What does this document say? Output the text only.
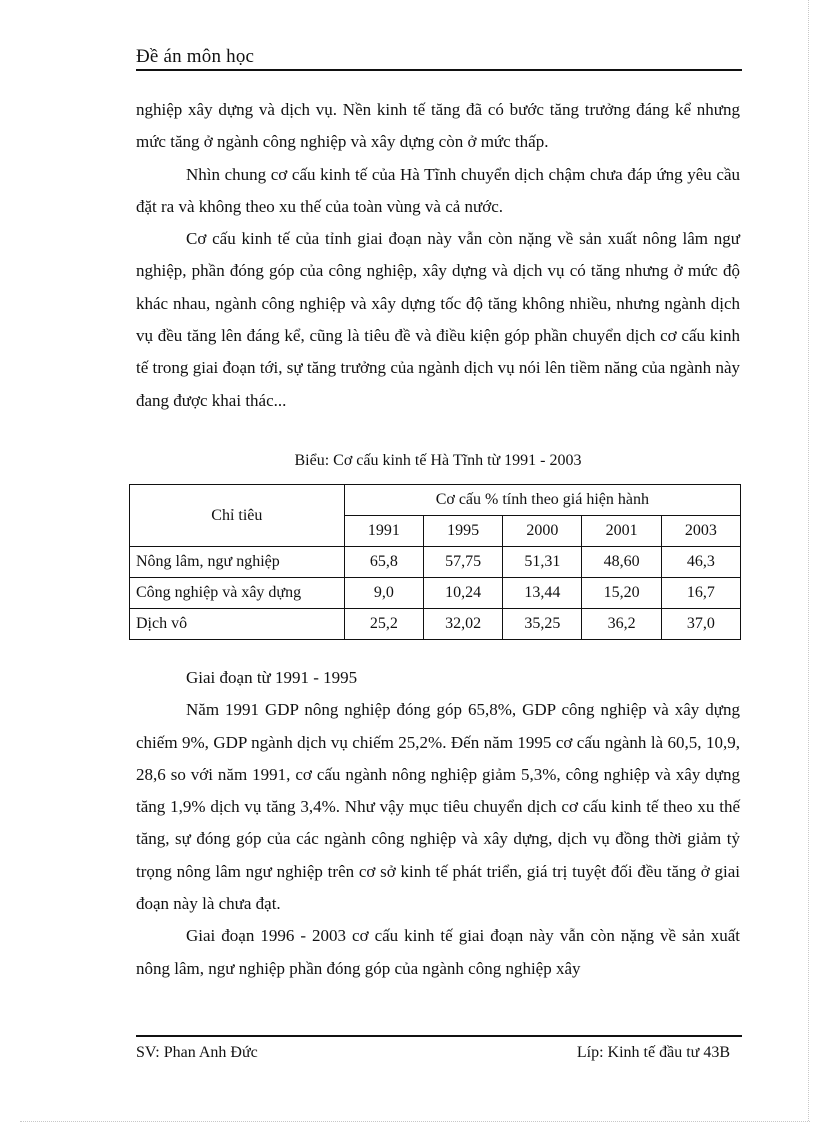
Đề án môn học

nghiệp xây dựng và dịch vụ. Nền kinh tế tăng đã có bước tăng trưởng đáng kể nhưng mức tăng ở ngành công nghiệp và xây dựng còn ở mức thấp.

Nhìn chung cơ cấu kinh tế của Hà Tĩnh chuyển dịch chậm chưa đáp ứng yêu cầu đặt ra và không theo xu thế của toàn vùng và cả nước.

Cơ cấu kinh tế của tỉnh giai đoạn này vẫn còn nặng về sản xuất nông lâm ngư nghiệp, phần đóng góp của công nghiệp, xây dựng và dịch vụ có tăng nhưng ở mức độ khác nhau, ngành công nghiệp và xây dựng tốc độ tăng không nhiều, nhưng ngành dịch vụ đều tăng lên đáng kể, cũng là tiêu đề và điều kiện góp phần chuyển dịch cơ cấu kinh tế trong giai đoạn tới, sự tăng trưởng của ngành dịch vụ nói lên tiềm năng của ngành này đang được khai thác...

Biểu: Cơ cấu kinh tế Hà Tĩnh từ 1991 - 2003
Chỉ tiêu	Cơ cấu % tính theo giá hiện hành				
	1991	1995	2000	2001	2003
Nông lâm, ngư nghiệp	65,8	57,75	51,31	48,60	46,3
Công nghiệp và xây dựng	9,0	10,24	13,44	15,20	16,7
Dịch vô	25,2	32,02	35,25	36,2	37,0

Giai đoạn từ 1991 - 1995

Năm 1991 GDP nông nghiệp đóng góp 65,8%, GDP công nghiệp và xây dựng chiếm 9%, GDP ngành dịch vụ chiếm 25,2%. Đến năm 1995 cơ cấu ngành là 60,5, 10,9, 28,6 so với năm 1991, cơ cấu ngành nông nghiệp giảm 5,3%, công nghiệp và xây dựng tăng 1,9% dịch vụ tăng 3,4%. Như vậy mục tiêu chuyển dịch cơ cấu kinh tế theo xu thế tăng, sự đóng góp của các ngành công nghiệp và xây dựng, dịch vụ đồng thời giảm tỷ trọng nông lâm ngư nghiệp trên cơ sở kinh tế phát triển, giá trị tuyệt đối đều tăng ở giai đoạn này là chưa đạt.

Giai đoạn 1996 - 2003 cơ cấu kinh tế giai đoạn này vẫn còn nặng về sản xuất nông lâm, ngư nghiệp phần đóng góp của ngành công nghiệp xây

SV: Phan Anh Đức	Líp: Kinh tế đầu tư 43B
